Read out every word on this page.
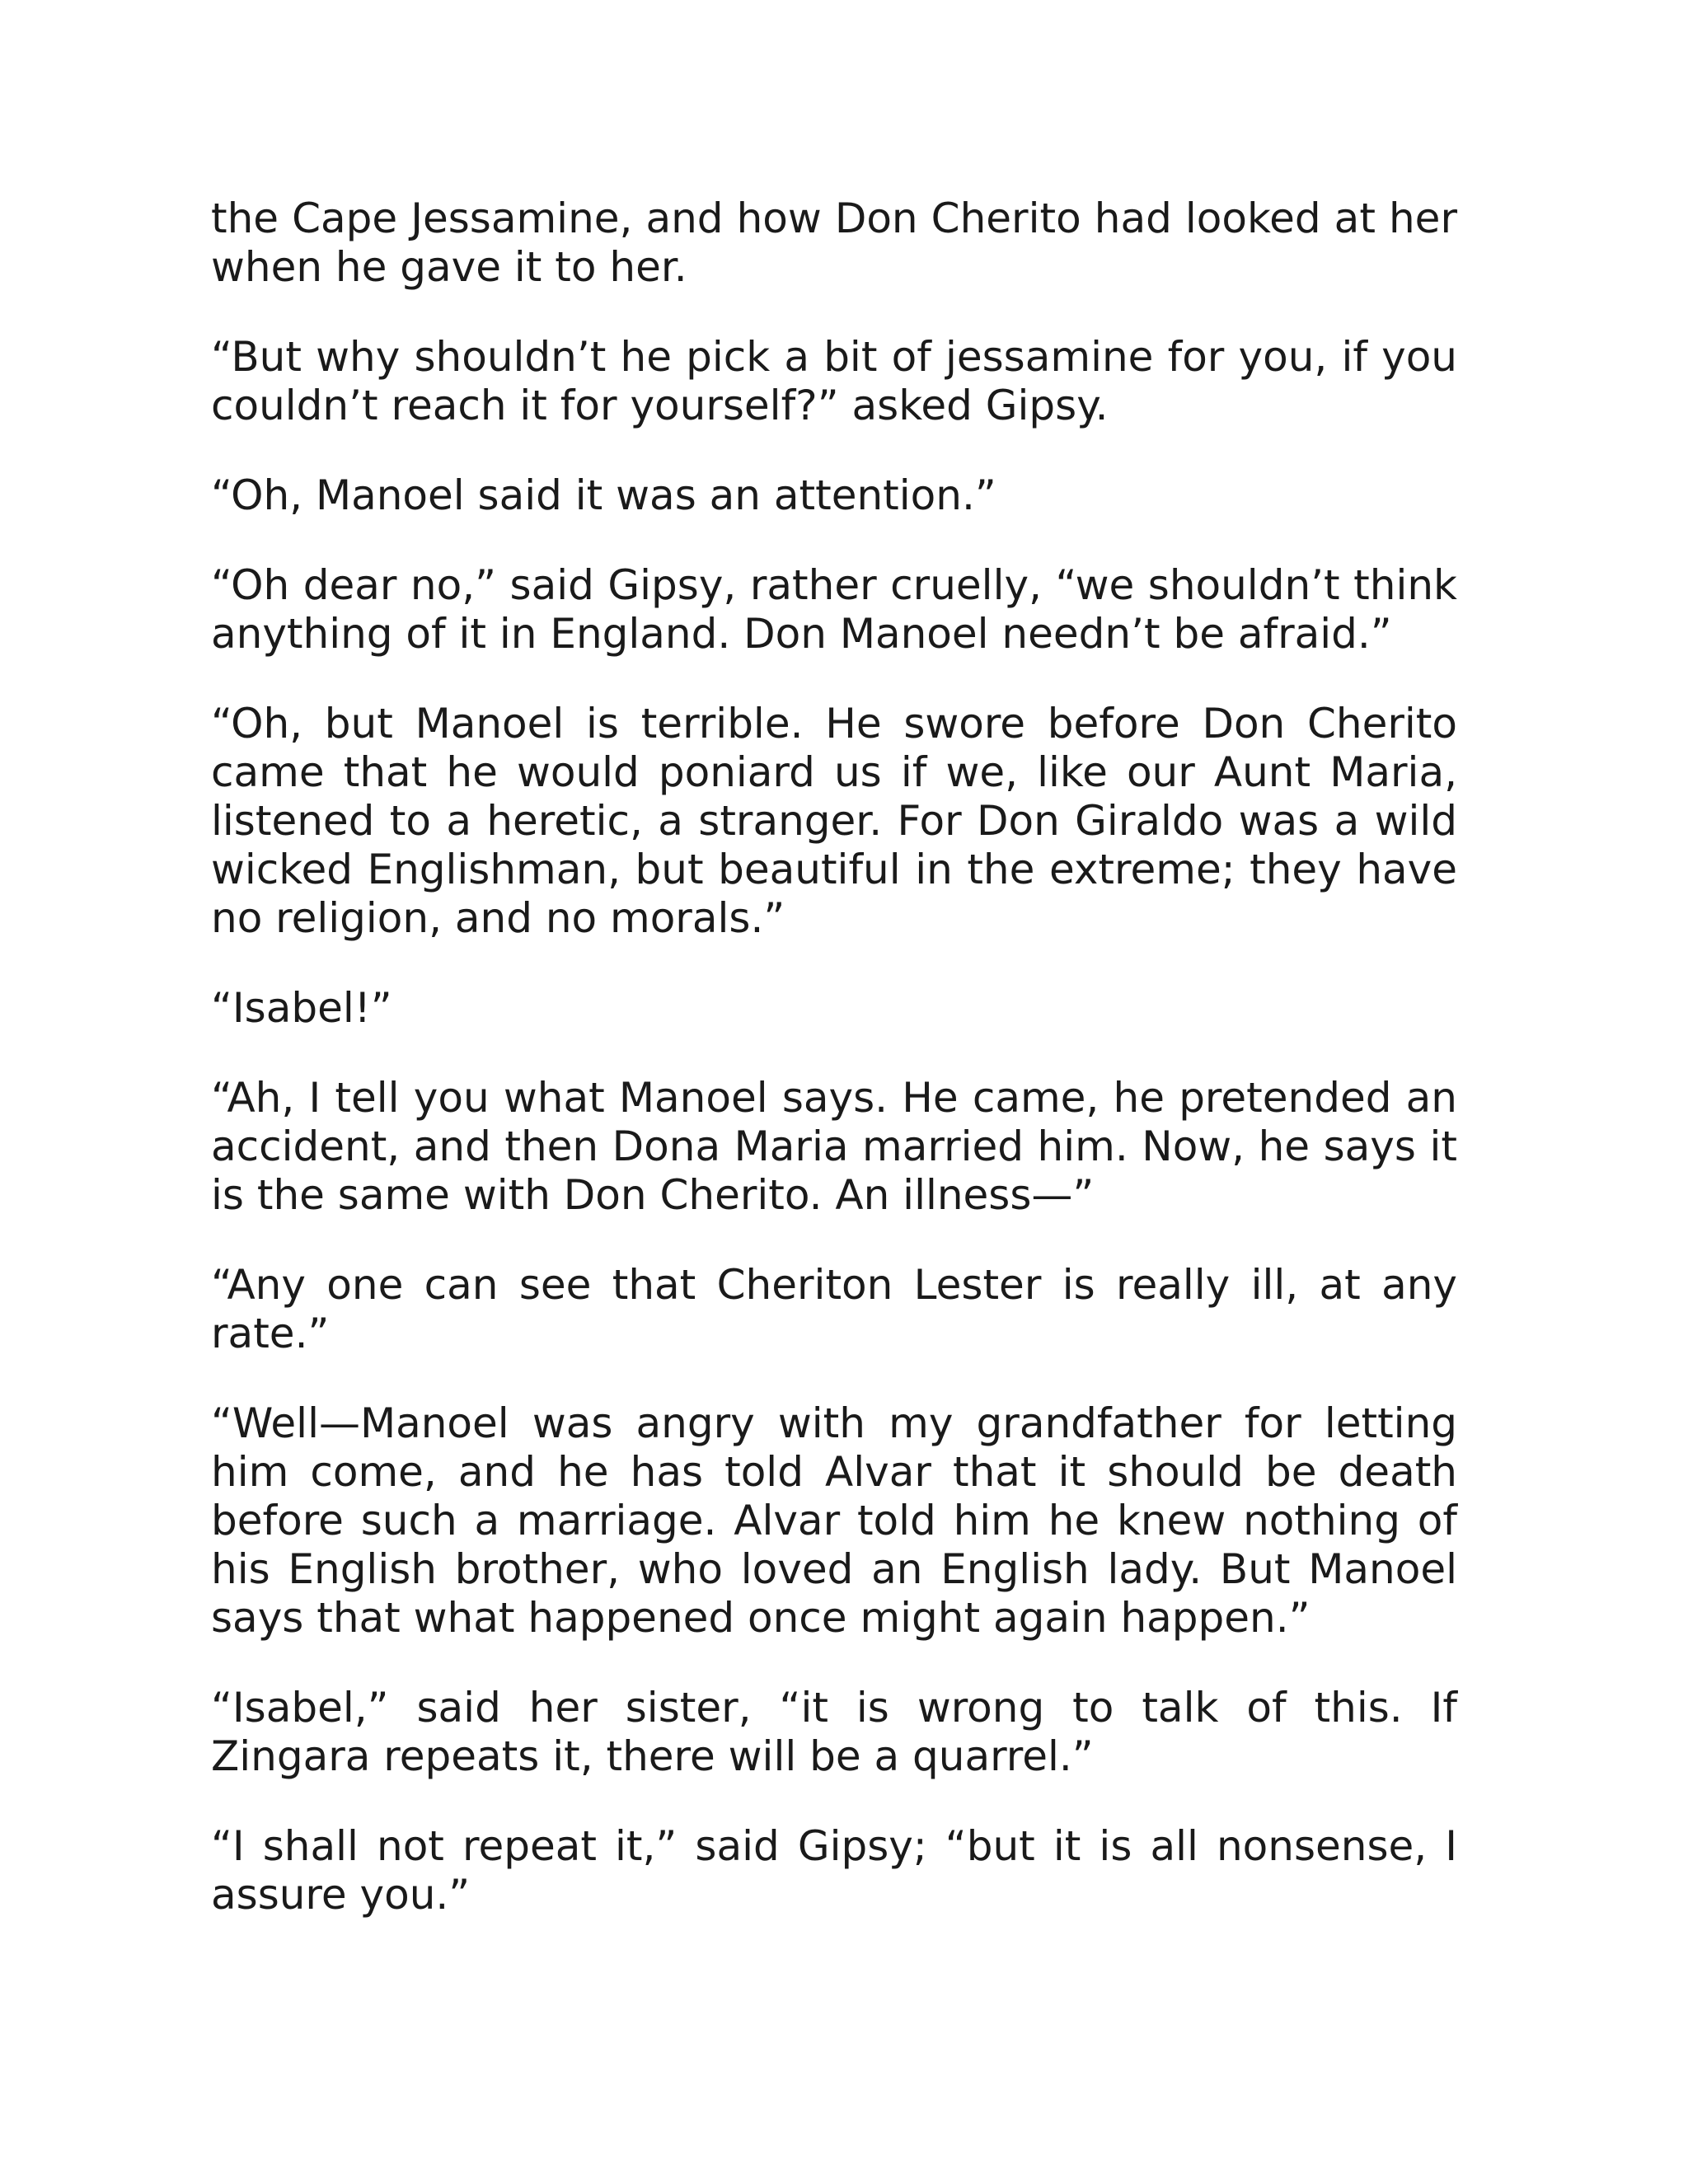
the Cape Jessamine, and how Don Cherito had looked at her when he gave it to her.

“But why shouldn’t he pick a bit of jessamine for you, if you couldn’t reach it for yourself?” asked Gipsy.

“Oh, Manoel said it was an attention.”

“Oh dear no,” said Gipsy, rather cruelly, “we shouldn’t think anything of it in England. Don Manoel needn’t be afraid.”

“Oh, but Manoel is terrible. He swore before Don Cherito came that he would poniard us if we, like our Aunt Maria, listened to a heretic, a stranger. For Don Giraldo was a wild wicked Englishman, but beautiful in the extreme; they have no religion, and no morals.”

“Isabel!”

“Ah, I tell you what Manoel says. He came, he pretended an accident, and then Dona Maria married him. Now, he says it is the same with Don Cherito. An illness—”

“Any one can see that Cheriton Lester is really ill, at any rate.”

“Well—Manoel was angry with my grandfather for letting him come, and he has told Alvar that it should be death before such a marriage. Alvar told him he knew nothing of his English brother, who loved an English lady. But Manoel says that what happened once might again happen.”

“Isabel,” said her sister, “it is wrong to talk of this. If Zingara repeats it, there will be a quarrel.”

“I shall not repeat it,” said Gipsy; “but it is all nonsense, I assure you.”
